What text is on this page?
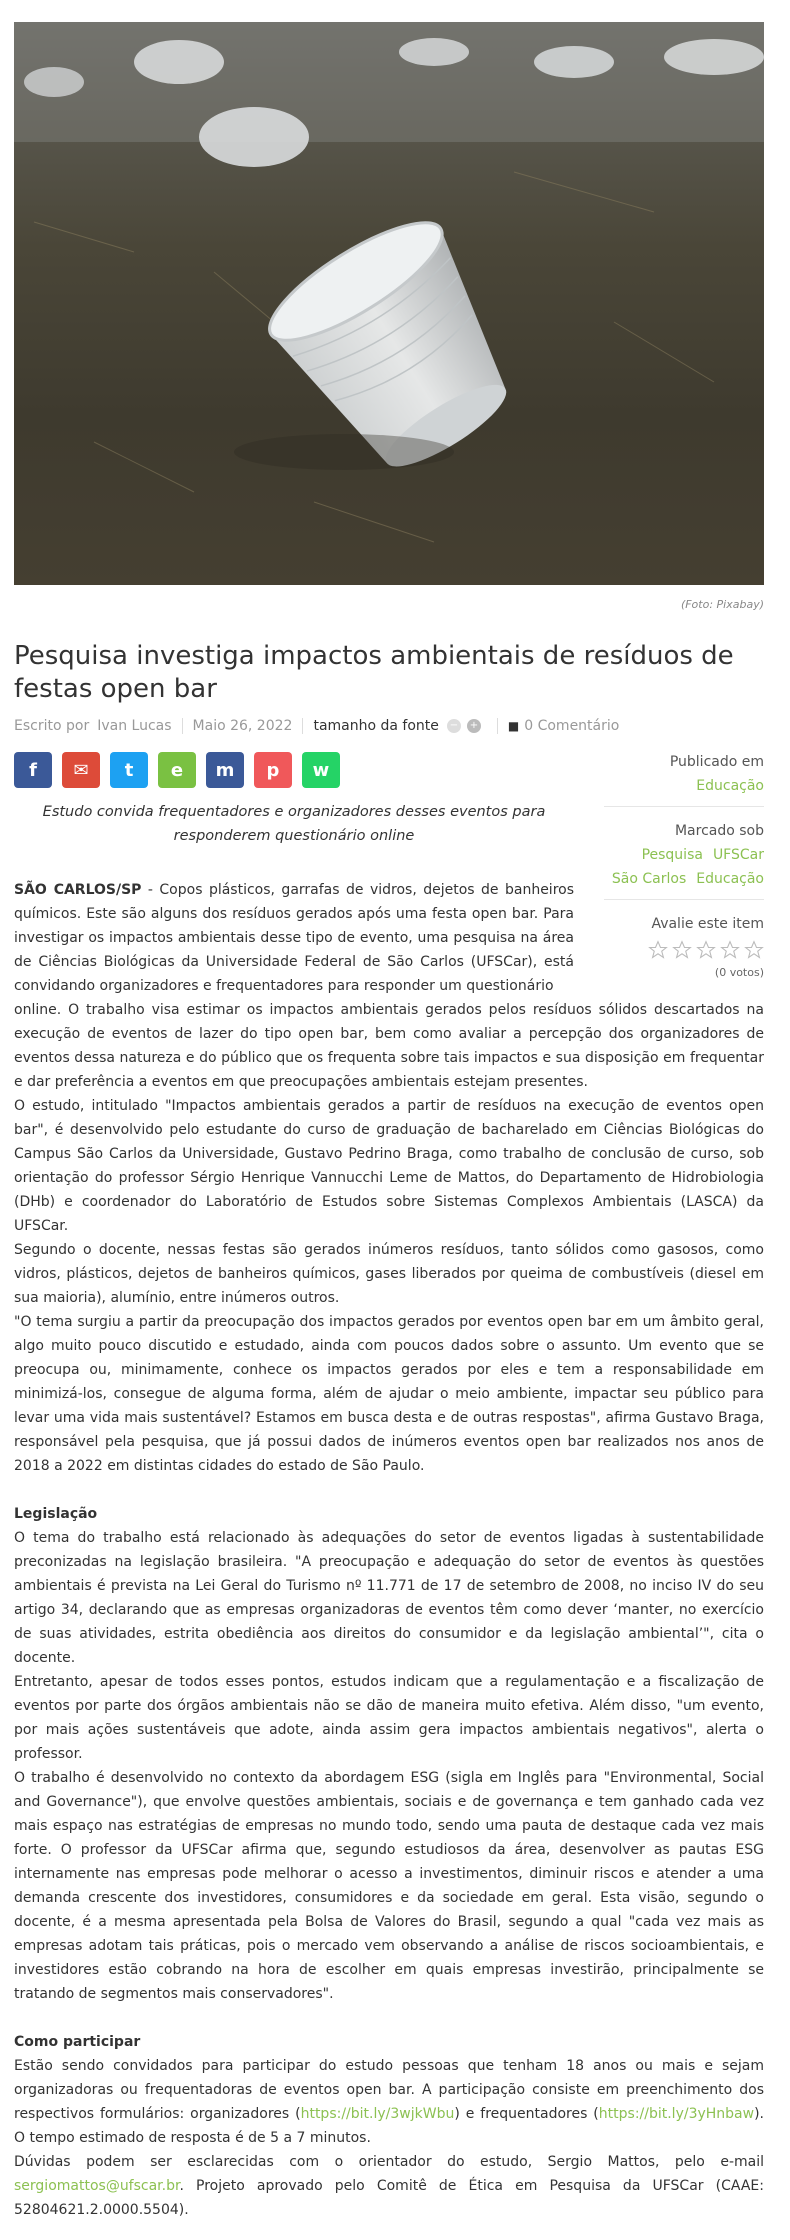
(Foto: Pixabay)
Pesquisa investiga impactos ambientais de resíduos de festas open bar
Escrito por Ivan Lucas Maio 26, 2022 tamanho da fonte − + ■ 0 Comentário
f ✉ t e m p w

Estudo convida frequentadores e organizadores desses eventos para responderem questionário online

Publicado em
Educação
Marcado sob
Pesquisa UFSCar
São Carlos Educação
Avalie este item
(0 votos)

SÃO CARLOS/SP - Copos plásticos, garrafas de vidros, dejetos de banheiros químicos. Este são alguns dos resíduos gerados após uma festa open bar. Para investigar os impactos ambientais desse tipo de evento, uma pesquisa na área de Ciências Biológicas da Universidade Federal de São Carlos (UFSCar), está convidando organizadores e frequentadores para responder um questionário

online. O trabalho visa estimar os impactos ambientais gerados pelos resíduos sólidos descartados na execução de eventos de lazer do tipo open bar, bem como avaliar a percepção dos organizadores de eventos dessa natureza e do público que os frequenta sobre tais impactos e sua disposição em frequentar e dar preferência a eventos em que preocupações ambientais estejam presentes.

O estudo, intitulado "Impactos ambientais gerados a partir de resíduos na execução de eventos open bar", é desenvolvido pelo estudante do curso de graduação de bacharelado em Ciências Biológicas do Campus São Carlos da Universidade, Gustavo Pedrino Braga, como trabalho de conclusão de curso, sob orientação do professor Sérgio Henrique Vannucchi Leme de Mattos, do Departamento de Hidrobiologia (DHb) e coordenador do Laboratório de Estudos sobre Sistemas Complexos Ambientais (LASCA) da UFSCar.

Segundo o docente, nessas festas são gerados inúmeros resíduos, tanto sólidos como gasosos, como vidros, plásticos, dejetos de banheiros químicos, gases liberados por queima de combustíveis (diesel em sua maioria), alumínio, entre inúmeros outros.

"O tema surgiu a partir da preocupação dos impactos gerados por eventos open bar em um âmbito geral, algo muito pouco discutido e estudado, ainda com poucos dados sobre o assunto. Um evento que se preocupa ou, minimamente, conhece os impactos gerados por eles e tem a responsabilidade em minimizá-los, consegue de alguma forma, além de ajudar o meio ambiente, impactar seu público para levar uma vida mais sustentável? Estamos em busca desta e de outras respostas", afirma Gustavo Braga, responsável pela pesquisa, que já possui dados de inúmeros eventos open bar realizados nos anos de 2018 a 2022 em distintas cidades do estado de São Paulo.

Legislação

O tema do trabalho está relacionado às adequações do setor de eventos ligadas à sustentabilidade preconizadas na legislação brasileira. "A preocupação e adequação do setor de eventos às questões ambientais é prevista na Lei Geral do Turismo nº 11.771 de 17 de setembro de 2008, no inciso IV do seu artigo 34, declarando que as empresas organizadoras de eventos têm como dever ‘manter, no exercício de suas atividades, estrita obediência aos direitos do consumidor e da legislação ambiental’", cita o docente.

Entretanto, apesar de todos esses pontos, estudos indicam que a regulamentação e a fiscalização de eventos por parte dos órgãos ambientais não se dão de maneira muito efetiva. Além disso, "um evento, por mais ações sustentáveis que adote, ainda assim gera impactos ambientais negativos", alerta o professor.

O trabalho é desenvolvido no contexto da abordagem ESG (sigla em Inglês para "Environmental, Social and Governance"), que envolve questões ambientais, sociais e de governança e tem ganhado cada vez mais espaço nas estratégias de empresas no mundo todo, sendo uma pauta de destaque cada vez mais forte. O professor da UFSCar afirma que, segundo estudiosos da área, desenvolver as pautas ESG internamente nas empresas pode melhorar o acesso a investimentos, diminuir riscos e atender a uma demanda crescente dos investidores, consumidores e da sociedade em geral. Esta visão, segundo o docente, é a mesma apresentada pela Bolsa de Valores do Brasil, segundo a qual "cada vez mais as empresas adotam tais práticas, pois o mercado vem observando a análise de riscos socioambientais, e investidores estão cobrando na hora de escolher em quais empresas investirão, principalmente se tratando de segmentos mais conservadores".

Como participar

Estão sendo convidados para participar do estudo pessoas que tenham 18 anos ou mais e sejam organizadoras ou frequentadoras de eventos open bar. A participação consiste em preenchimento dos respectivos formulários: organizadores (https://bit.ly/3wjkWbu) e frequentadores (https://bit.ly/3yHnbaw). O tempo estimado de resposta é de 5 a 7 minutos.

Dúvidas podem ser esclarecidas com o orientador do estudo, Sergio Mattos, pelo e-mail sergiomattos@ufscar.br. Projeto aprovado pelo Comitê de Ética em Pesquisa da UFSCar (CAAE: 52804621.2.0000.5504).
